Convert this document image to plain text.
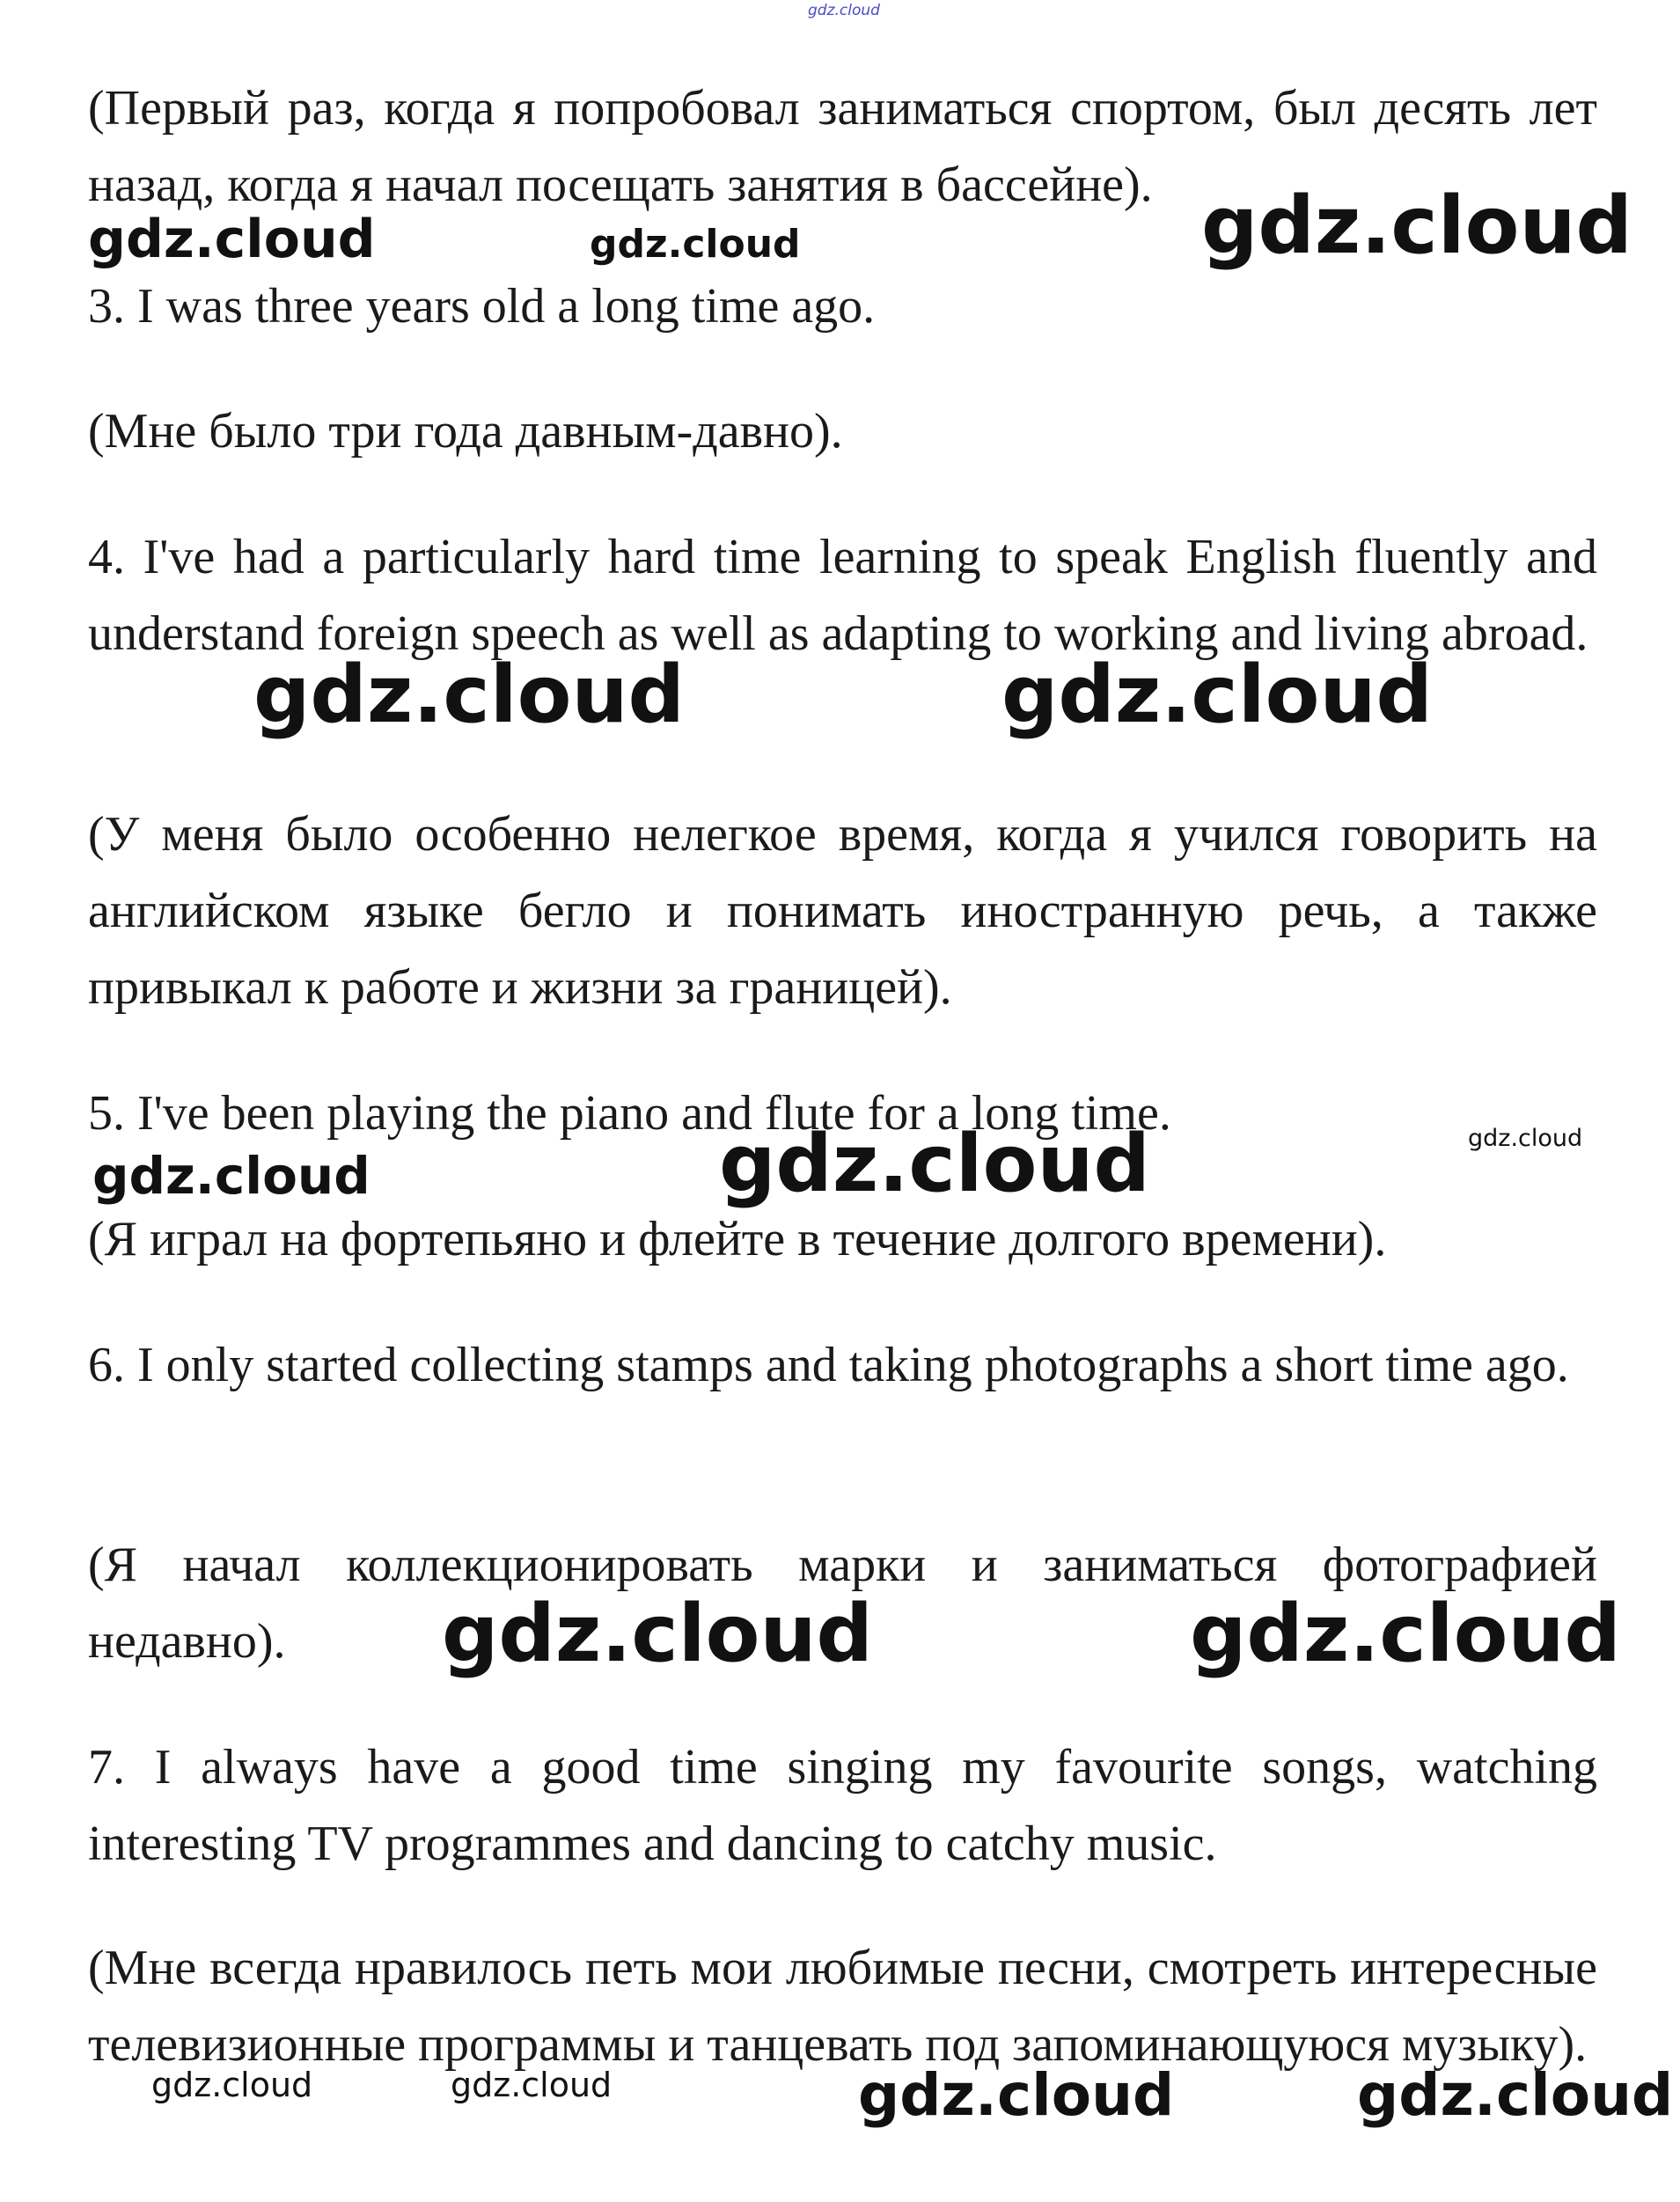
gdz.cloud
(Первый раз, когда я попробовал заниматься спортом, был десять лет назад, когда я начал посещать занятия в бассейне).
3. I was three years old a long time ago.
(Мне было три года давным-давно).
4. I've had a particularly hard time learning to speak English fluently and understand foreign speech as well as adapting to working and living abroad.
(У меня было особенно нелегкое время, когда я учился говорить на английском языке бегло и понимать иностранную речь, а также привыкал к работе и жизни за границей).
5. I've been playing the piano and flute for a long time.
(Я играл на фортепьяно и флейте в течение долгого времени).
6. I only started collecting stamps and taking photographs a short time ago.
(Я начал коллекционировать марки и заниматься фотографией недавно).
7. I always have a good time singing my favourite songs, watching interesting TV programmes and dancing to catchy music.
(Мне всегда нравилось петь мои любимые песни, смотреть интересные телевизионные программы и танцевать под запоминающуюся музыку).
gdz.cloud	gdz.cloud	gdz.cloud
gdz.cloud	gdz.cloud
gdz.cloud	gdz.cloud	gdz.cloud
gdz.cloud	gdz.cloud
gdz.cloud	gdz.cloud	gdz.cloud	gdz.cloud
